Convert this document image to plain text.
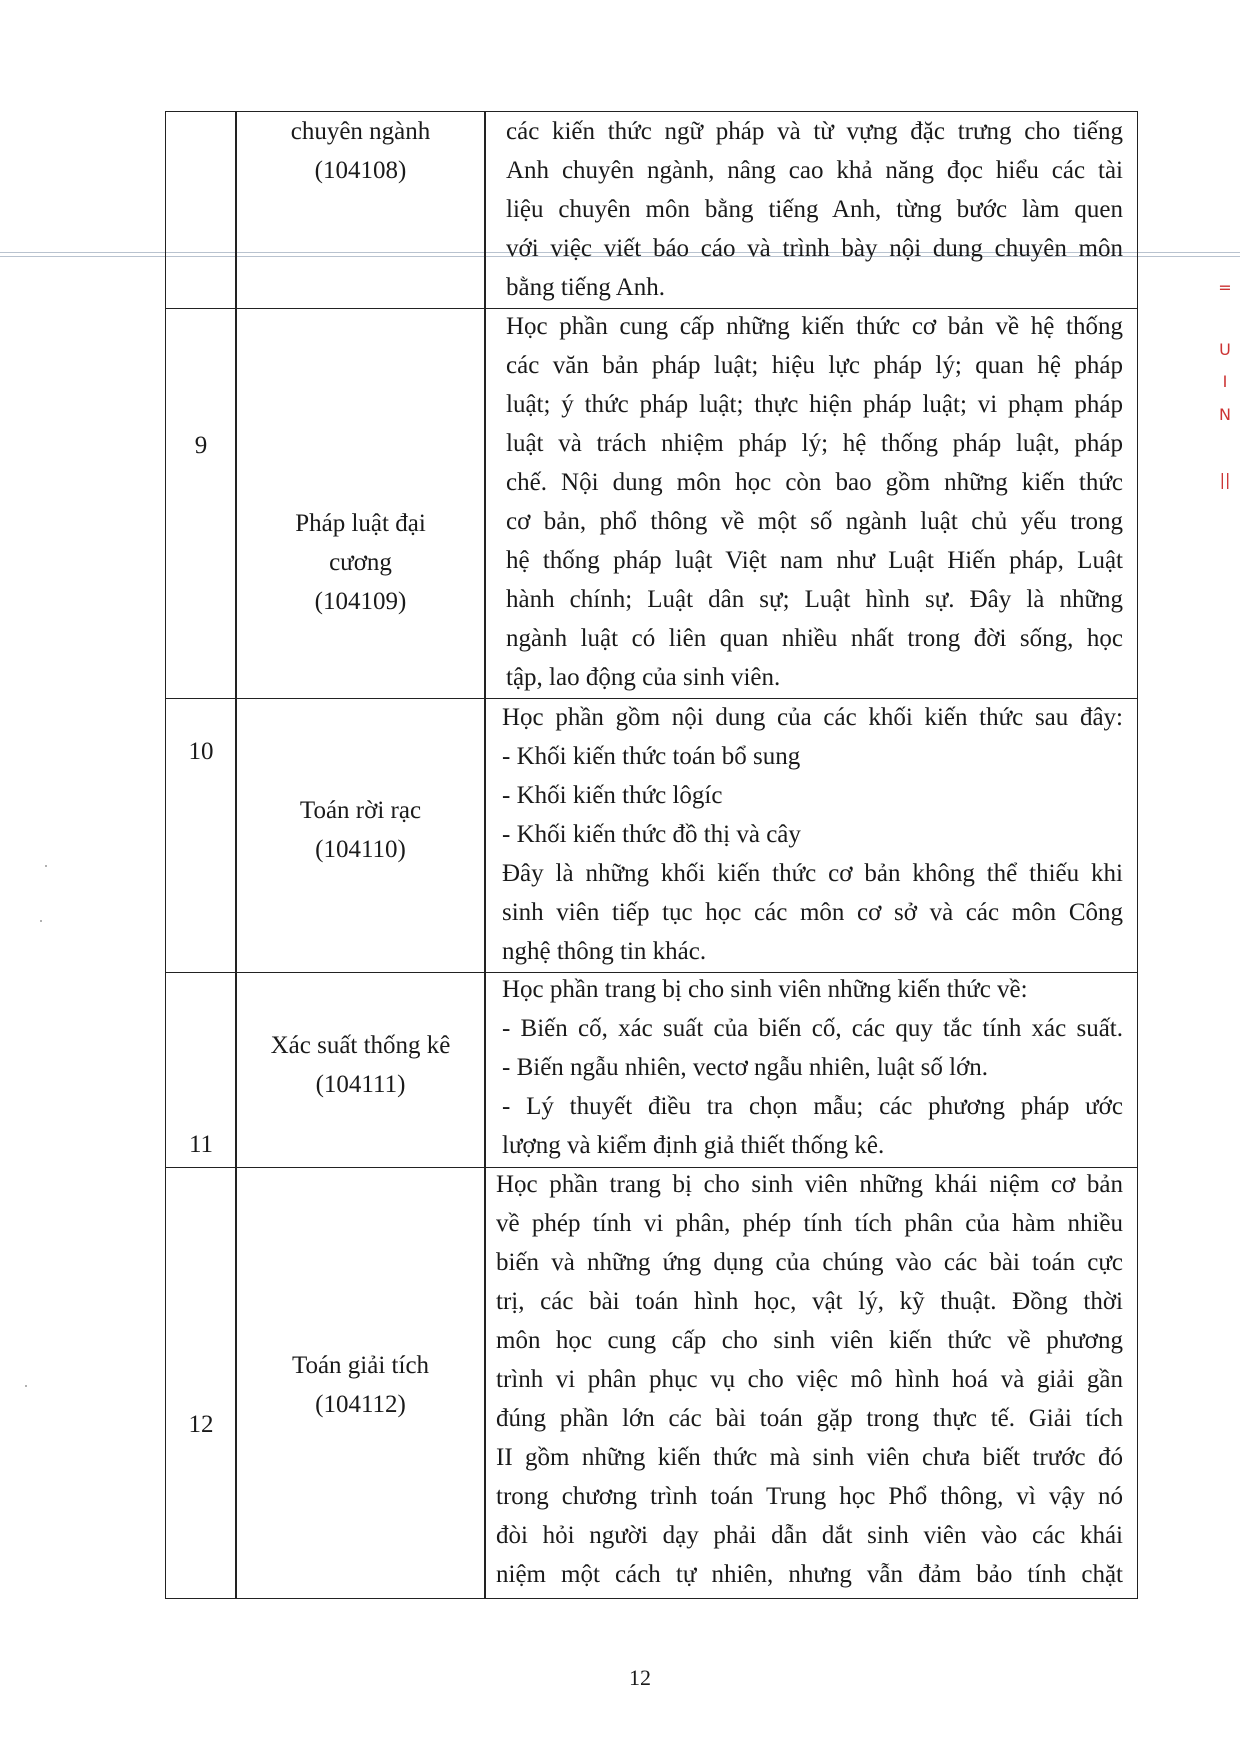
=
U
I
N
||
chuyên ngành
(104108)

các kiến thức ngữ pháp và từ vựng đặc trưng cho tiếng

Anh chuyên ngành, nâng cao khả năng đọc hiểu các tài

liệu chuyên môn bằng tiếng Anh, từng bước làm quen

với việc viết báo cáo và trình bày nội dung chuyên môn

bằng tiếng Anh.

9
Pháp luật đại
cương
(104109)

Học phần cung cấp những kiến thức cơ bản về hệ thống

các văn bản pháp luật; hiệu lực pháp lý; quan hệ pháp

luật; ý thức pháp luật; thực hiện pháp luật; vi phạm pháp

luật và trách nhiệm pháp lý; hệ thống pháp luật, pháp

chế. Nội dung môn học còn bao gồm những kiến thức

cơ bản, phổ thông về một số ngành luật chủ yếu trong

hệ thống pháp luật Việt nam như Luật Hiến pháp, Luật

hành chính; Luật dân sự; Luật hình sự. Đây là những

ngành luật có liên quan nhiều nhất trong đời sống, học

tập, lao động của sinh viên.

10
Toán rời rạc
(104110)

Học phần gồm nội dung của các khối kiến thức sau đây:

- Khối kiến thức toán bổ sung

- Khối kiến thức lôgíc

- Khối kiến thức đồ thị và cây

Đây là những khối kiến thức cơ bản không thể thiếu khi

sinh viên tiếp tục học các môn cơ sở và các môn Công

nghệ thông tin khác.

11
Xác suất thống kê
(104111)

Học phần trang bị cho sinh viên những kiến thức về:

- Biến cố, xác suất của biến cố, các quy tắc tính xác suất.

- Biến ngẫu nhiên, vectơ ngẫu nhiên, luật số lớn.

- Lý thuyết điều tra chọn mẫu; các phương pháp ước

lượng và kiểm định giả thiết thống kê.

12
Toán giải tích
(104112)

Học phần trang bị cho sinh viên những khái niệm cơ bản

về phép tính vi phân, phép tính tích phân của hàm nhiều

biến và những ứng dụng của chúng vào các bài toán cực

trị, các bài toán hình học, vật lý, kỹ thuật. Đồng thời

môn học cung cấp cho sinh viên kiến thức về phương

trình vi phân phục vụ cho việc mô hình hoá và giải gần

đúng phần lớn các bài toán gặp trong thực tế. Giải tích

II gồm những kiến thức mà sinh viên chưa biết trước đó

trong chương trình toán Trung học Phổ thông, vì vậy nó

đòi hỏi người dạy phải dẫn dắt sinh viên vào các khái

niệm một cách tự nhiên, nhưng vẫn đảm bảo tính chặt

12
